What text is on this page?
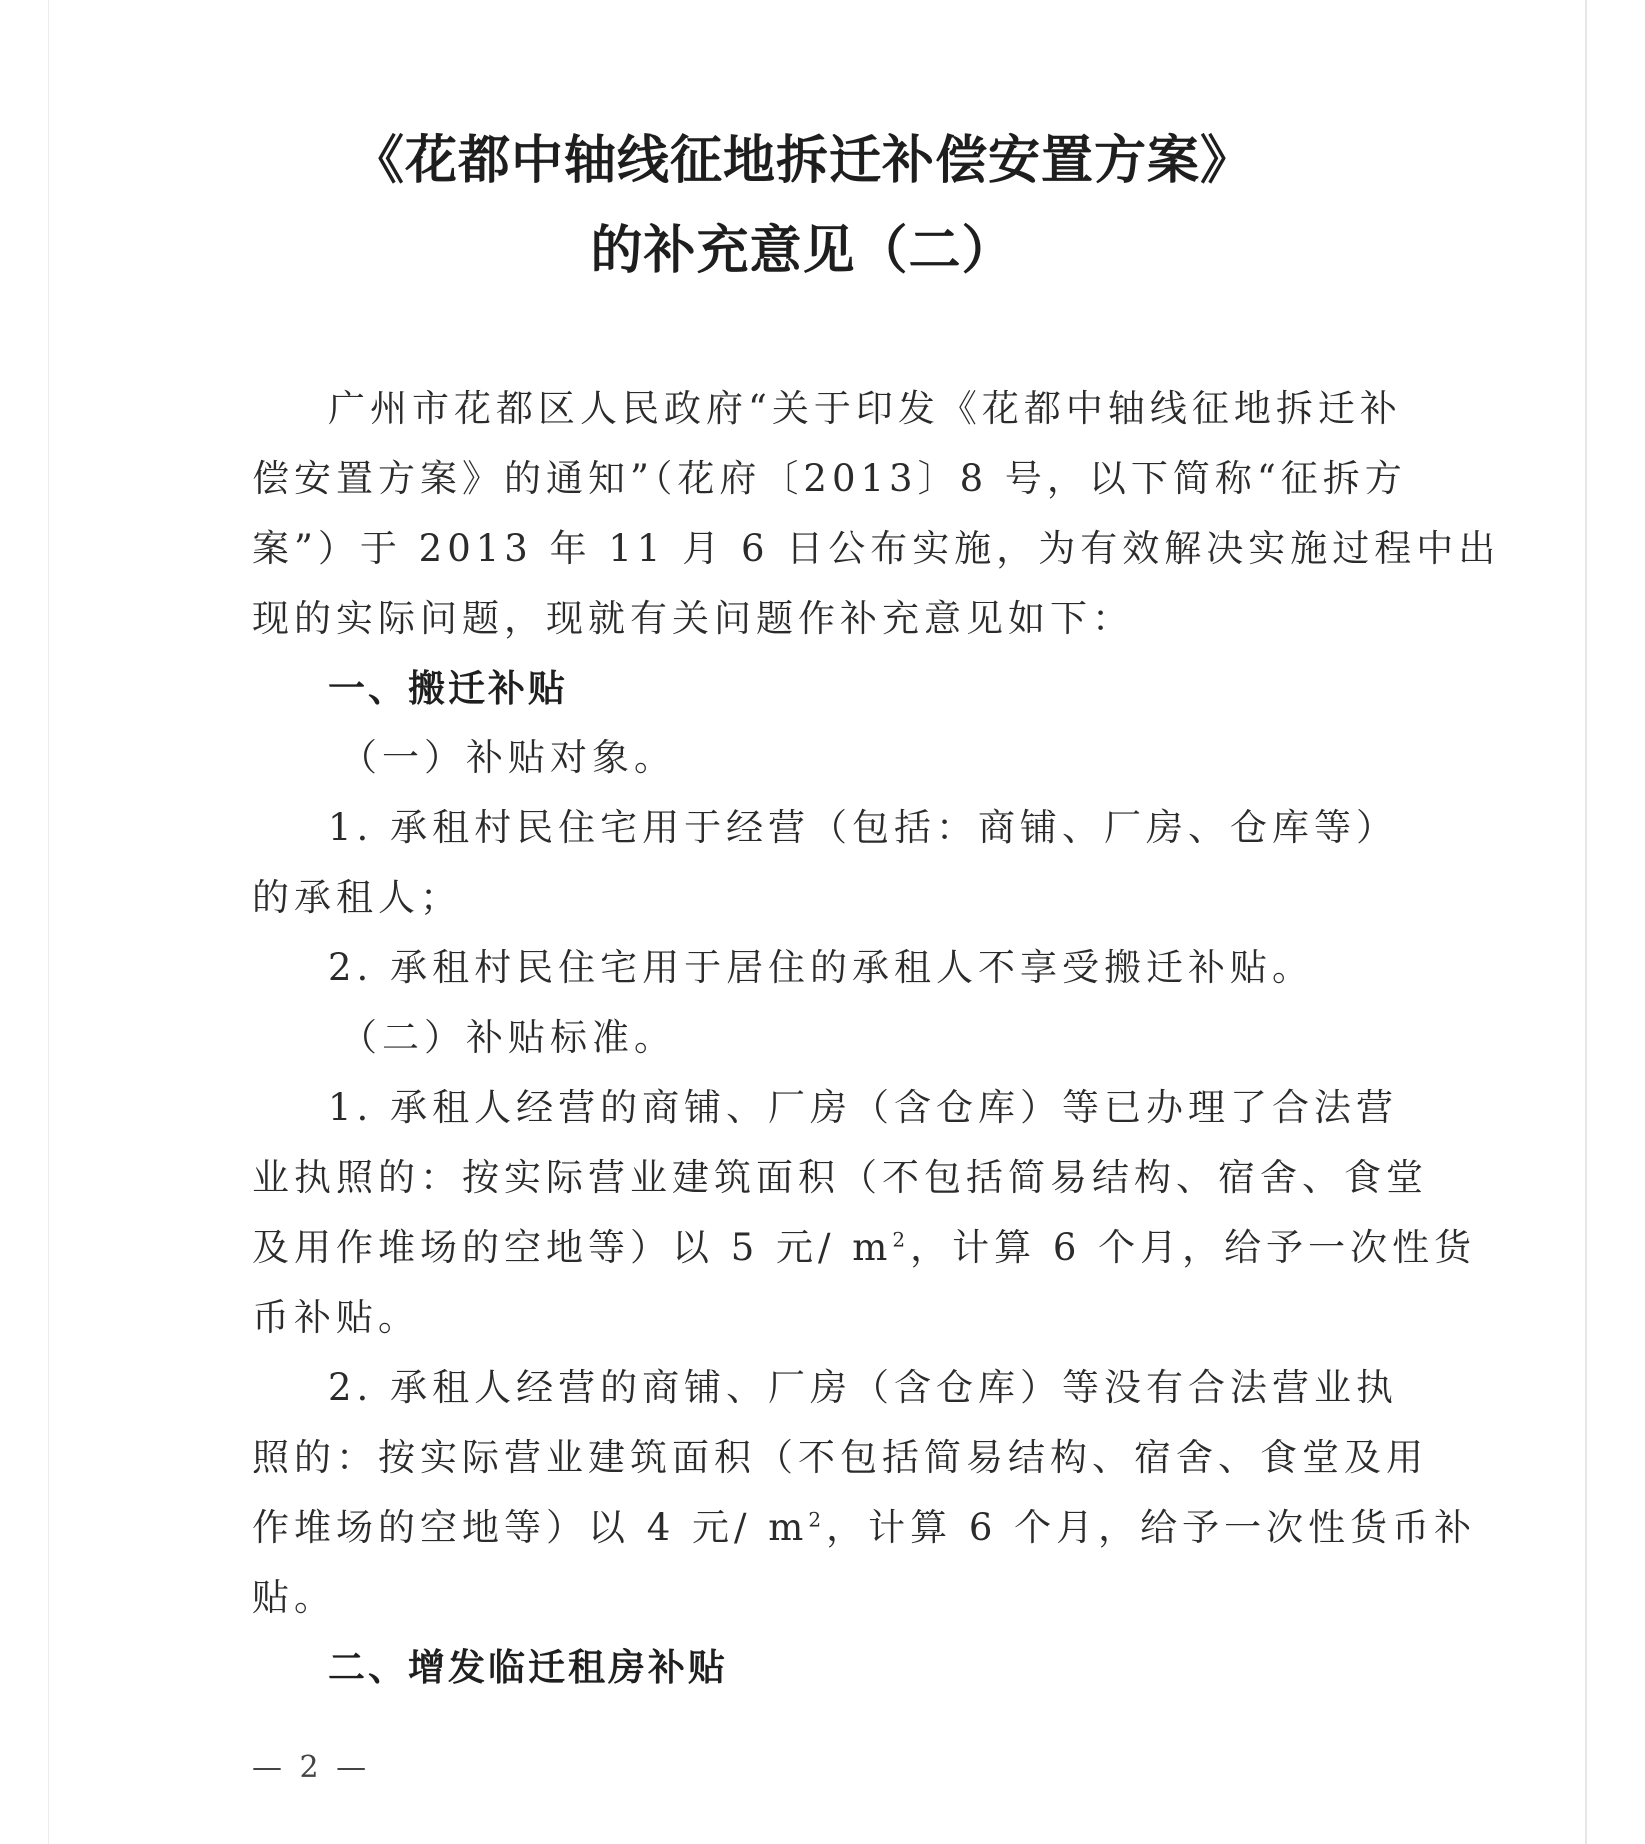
《花都中轴线征地拆迁补偿安置方案》
的补充意见（二）
广州市花都区人民政府“关于印发《花都中轴线征地拆迁补
偿安置方案》的通知”（花府〔2013〕8 号，以下简称“征拆方
案”）于 2013 年 11 月 6 日公布实施，为有效解决实施过程中出
现的实际问题，现就有关问题作补充意见如下：
一、搬迁补贴
（一）补贴对象。
1. 承租村民住宅用于经营（包括：商铺、厂房、仓库等）
的承租人；
2. 承租村民住宅用于居住的承租人不享受搬迁补贴。
（二）补贴标准。
1. 承租人经营的商铺、厂房（含仓库）等已办理了合法营
业执照的：按实际营业建筑面积（不包括简易结构、宿舍、食堂
及用作堆场的空地等）以 5 元/ $m^2$，计算 6 个月，给予一次性货
币补贴。
2. 承租人经营的商铺、厂房（含仓库）等没有合法营业执
照的：按实际营业建筑面积（不包括简易结构、宿舍、食堂及用
作堆场的空地等）以 4 元/ $m^2$，计算 6 个月，给予一次性货币补
贴。
二、增发临迁租房补贴
— 2 —
